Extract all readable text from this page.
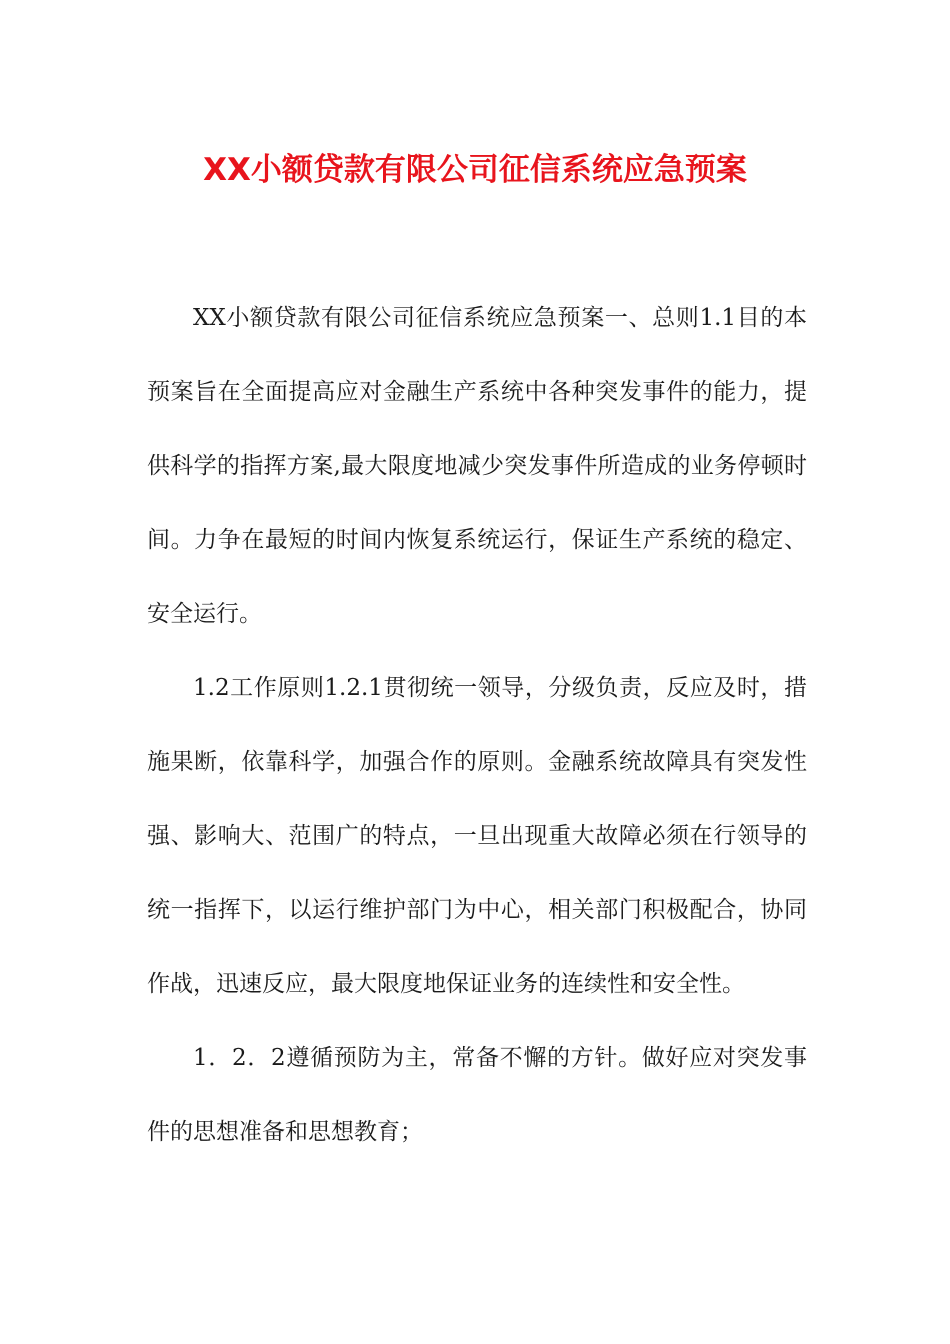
XX小额贷款有限公司征信系统应急预案

XX小额贷款有限公司征信系统应急预案一、总则1.1目的本预案旨在全面提高应对金融生产系统中各种突发事件的能力，提供科学的指挥方案,最大限度地减少突发事件所造成的业务停顿时间。力争在最短的时间内恢复系统运行，保证生产系统的稳定、安全运行。

1.2工作原则1.2.1贯彻统一领导，分级负责，反应及时，措施果断，依靠科学，加强合作的原则。金融系统故障具有突发性强、影响大、范围广的特点，一旦出现重大故障必须在行领导的统一指挥下，以运行维护部门为中心，相关部门积极配合，协同作战，迅速反应，最大限度地保证业务的连续性和安全性。

1．2．2遵循预防为主，常备不懈的方针。做好应对突发事件的思想准备和思想教育；
